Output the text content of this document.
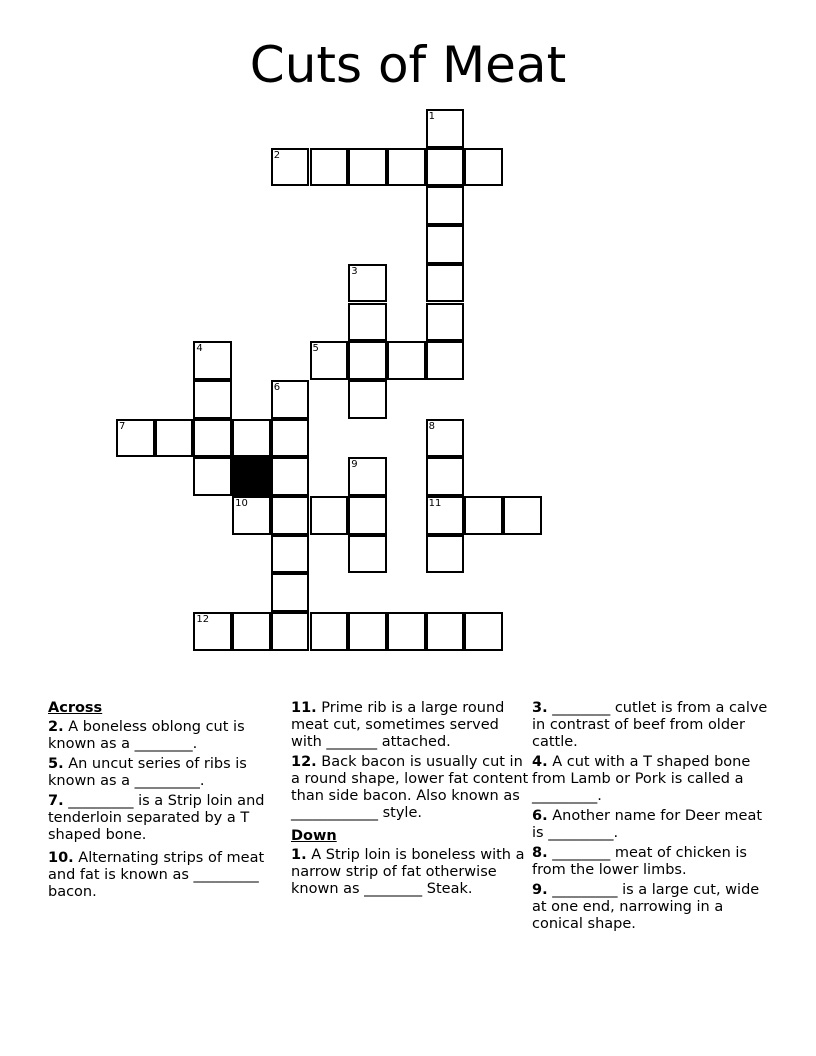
Cuts of Meat
1
2
3
4	5
6
7	8
9
10	11
12
Across
2. A boneless oblong cut is known as a ________.
5. An uncut series of ribs is known as a _________.
7. _________ is a Strip loin and tenderloin separated by a T shaped bone.
10. Alternating strips of meat and fat is known as _________ bacon.
11. Prime rib is a large round meat cut, sometimes served with _______ attached.
12. Back bacon is usually cut in a round shape, lower fat content than side bacon. Also known as ____________ style.
Down
1. A Strip loin is boneless with a narrow strip of fat otherwise known as ________ Steak.
3. ________ cutlet is from a calve in contrast of beef from older cattle.
4. A cut with a T shaped bone from Lamb or Pork is called a _________.
6. Another name for Deer meat is _________.
8. ________ meat of chicken is from the lower limbs.
9. _________ is a large cut, wide at one end, narrowing in a conical shape.
